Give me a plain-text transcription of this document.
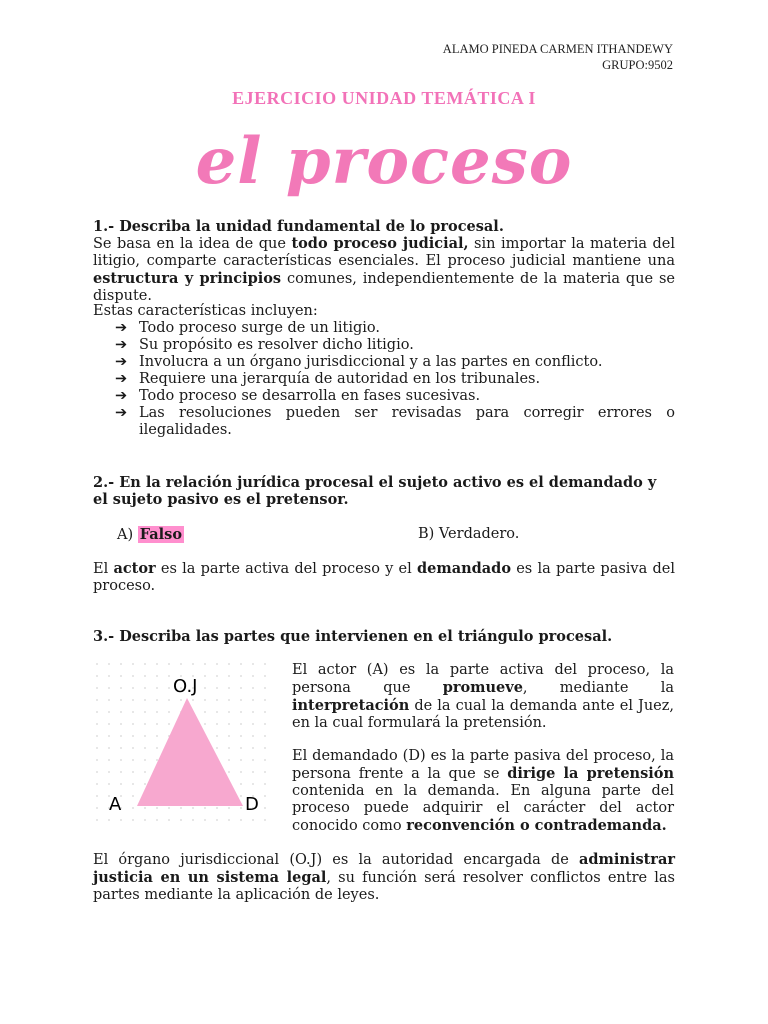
ALAMO PINEDA CARMEN ITHANDEWY
GRUPO:9502
EJERCICIO UNIDAD TEMÁTICA I
el proceso
1.- Describa la unidad fundamental de lo procesal.
Se basa en la idea de que todo proceso judicial, sin importar la materia del litigio, comparte características esenciales. El proceso judicial mantiene una estructura y principios comunes, independientemente de la materia que se dispute.
Estas características incluyen:
➔ Todo proceso surge de un litigio.
➔ Su propósito es resolver dicho litigio.
➔ Involucra a un órgano jurisdiccional y a las partes en conflicto.
➔ Requiere una jerarquía de autoridad en los tribunales.
➔ Todo proceso se desarrolla en fases sucesivas.
➔ Las resoluciones pueden ser revisadas para corregir errores o ilegalidades.
2.- En la relación jurídica procesal el sujeto activo es el demandado y el sujeto pasivo es el pretensor.
A) Falso	B) Verdadero.
El actor es la parte activa del proceso y el demandado es la parte pasiva del proceso.
3.- Describa las partes que intervienen en el triángulo procesal.
O.J
A	D
El actor (A) es la parte activa del proceso, la persona que promueve, mediante la interpretación de la cual la demanda ante el Juez, en la cual formulará la pretensión.
El demandado (D) es la parte pasiva del proceso, la persona frente a la que se dirige la pretensión contenida en la demanda. En alguna parte del proceso puede adquirir el carácter del actor conocido como reconvención o contrademanda.
El órgano jurisdiccional (O.J) es la autoridad encargada de administrar justicia en un sistema legal, su función será resolver conflictos entre las partes mediante la aplicación de leyes.
